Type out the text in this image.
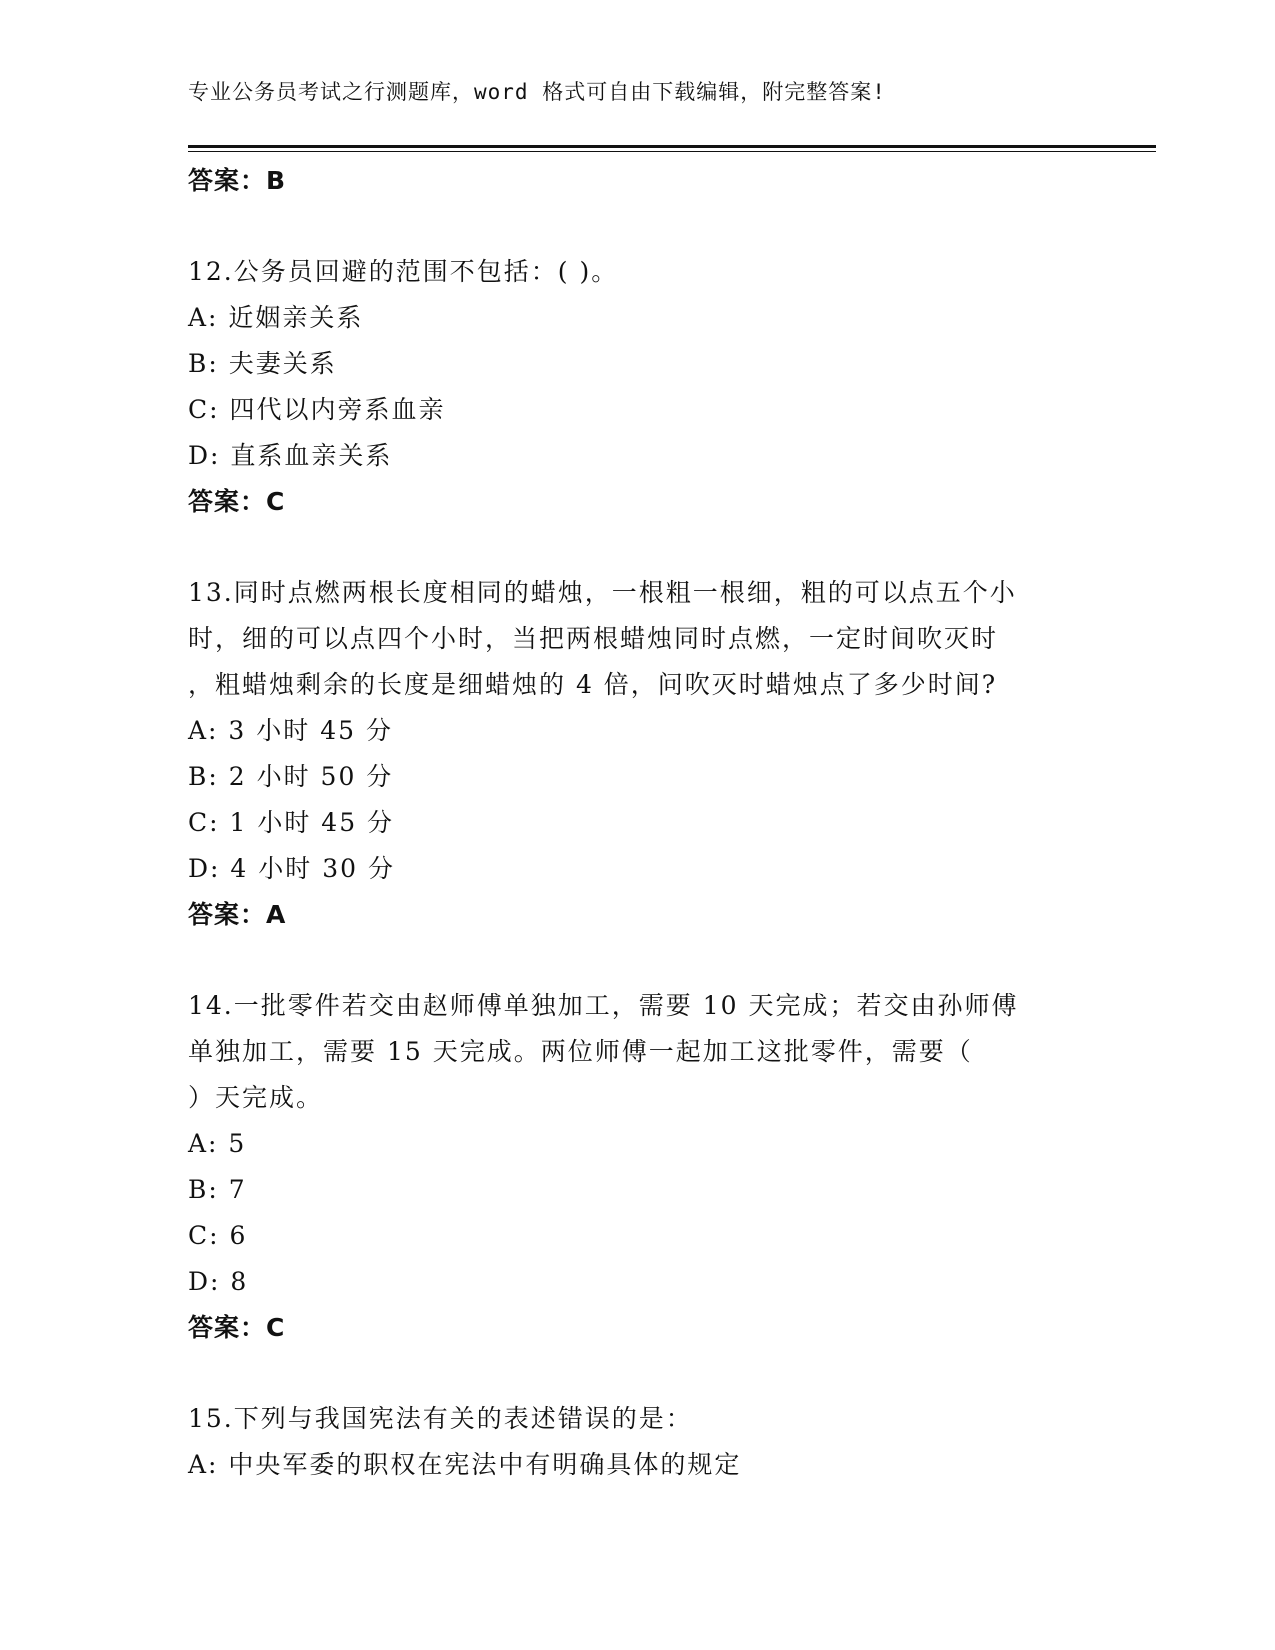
专业公务员考试之行测题库，word 格式可自由下载编辑，附完整答案!
答案：B
12.公务员回避的范围不包括：( )。
A: 近姻亲关系
B: 夫妻关系
C: 四代以内旁系血亲
D: 直系血亲关系
答案：C
13.同时点燃两根长度相同的蜡烛，一根粗一根细，粗的可以点五个小
时，细的可以点四个小时，当把两根蜡烛同时点燃，一定时间吹灭时
，粗蜡烛剩余的长度是细蜡烛的 4 倍，问吹灭时蜡烛点了多少时间?
A: 3 小时 45 分
B: 2 小时 50 分
C: 1 小时 45 分
D: 4 小时 30 分
答案：A
14.一批零件若交由赵师傅单独加工，需要 10 天完成；若交由孙师傅
单独加工，需要 15 天完成。两位师傅一起加工这批零件，需要（
）天完成。
A: 5
B: 7
C: 6
D: 8
答案：C
15.下列与我国宪法有关的表述错误的是：
A: 中央军委的职权在宪法中有明确具体的规定
